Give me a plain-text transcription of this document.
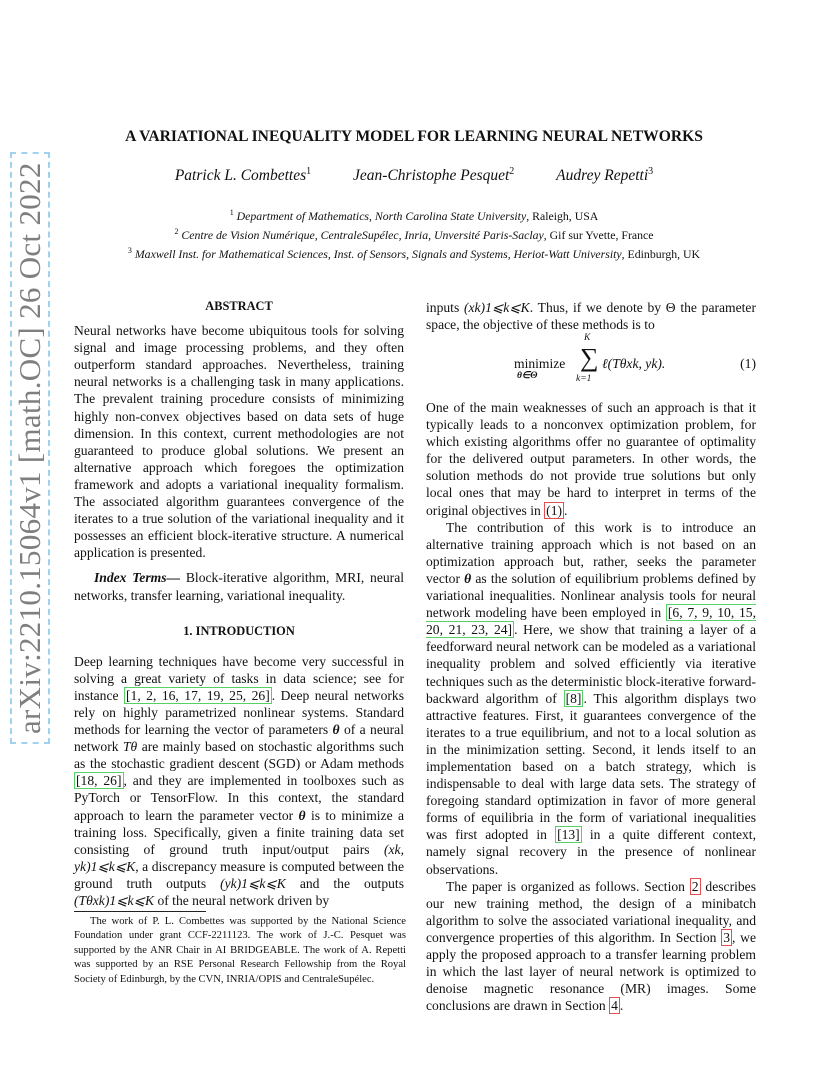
arXiv:2210.15064v1 [math.OC] 26 Oct 2022
A VARIATIONAL INEQUALITY MODEL FOR LEARNING NEURAL NETWORKS
Patrick L. Combettes$^1$	Jean-Christophe Pesquet$^2$	Audrey Repetti$^3$
$^1$ Department of Mathematics, North Carolina State University, Raleigh, USA
$^2$ Centre de Vision Numérique, CentraleSupélec, Inria, Unversité Paris-Saclay, Gif sur Yvette, France
$^3$ Maxwell Inst. for Mathematical Sciences, Inst. of Sensors, Signals and Systems, Heriot-Watt University, Edinburgh, UK
ABSTRACT

Neural networks have become ubiquitous tools for solving signal and image processing problems, and they often outperform standard approaches. Nevertheless, training neural networks is a challenging task in many applications. The prevalent training procedure consists of minimizing highly non-convex objectives based on data sets of huge dimension. In this context, current methodologies are not guaranteed to produce global solutions. We present an alternative approach which foregoes the optimization framework and adopts a variational inequality formalism. The associated algorithm guarantees convergence of the iterates to a true solution of the variational inequality and it possesses an efficient block-iterative structure. A numerical application is presented.

Index Terms— Block-iterative algorithm, MRI, neural networks, transfer learning, variational inequality.

1. INTRODUCTION

Deep learning techniques have become very successful in solving a great variety of tasks in data science; see for instance [1, 2, 16, 17, 19, 25, 26] . Deep neural networks rely on highly parametrized nonlinear systems. Standard methods for learning the vector of parameters θ of a neural network Tθ are mainly based on stochastic algorithms such as the stochastic gradient descent (SGD) or Adam methods [18, 26] , and they are implemented in toolboxes such as PyTorch or TensorFlow. In this context, the standard approach to learn the parameter vector θ is to minimize a training loss. Specifically, given a finite training data set consisting of ground truth input/output pairs (xk, yk)1⩽k⩽K, a discrepancy measure is computed between the ground truth outputs (yk)1⩽k⩽K and the outputs (Tθxk)1⩽k⩽K of the neural network driven by

The work of P. L. Combettes was supported by the National Science Foundation under grant CCF-2211123. The work of J.-C. Pesquet was supported by the ANR Chair in AI BRIDGEABLE. The work of A. Repetti was supported by an RSE Personal Research Fellowship from the Royal Society of Edinburgh, by the CVN, INRIA/OPIS and CentraleSupélec.

inputs (xk)1⩽k⩽K. Thus, if we denote by Θ the parameter space, the objective of these methods is to

minimize
θ∈Θ
K
∑
k=1
ℓ(Tθxk, yk).	(1)

One of the main weaknesses of such an approach is that it typically leads to a nonconvex optimization problem, for which existing algorithms offer no guarantee of optimality for the delivered output parameters. In other words, the solution methods do not provide true solutions but only local ones that may be hard to interpret in terms of the original objectives in (1) .

The contribution of this work is to introduce an alternative training approach which is not based on an optimization approach but, rather, seeks the parameter vector θ as the solution of equilibrium problems defined by variational inequalities. Nonlinear analysis tools for neural network modeling have been employed in [6, 7, 9, 10, 15, 20, 21, 23, 24] . Here, we show that training a layer of a feedforward neural network can be modeled as a variational inequality problem and solved efficiently via iterative techniques such as the deterministic block-iterative forward-backward algorithm of [8] . This algorithm displays two attractive features. First, it guarantees convergence of the iterates to a true equilibrium, and not to a local solution as in the minimization setting. Second, it lends itself to an implementation based on a batch strategy, which is indispensable to deal with large data sets. The strategy of foregoing standard optimization in favor of more general forms of equilibria in the form of variational inequalities was first adopted in [13] in a quite different context, namely signal recovery in the presence of nonlinear observations.

The paper is organized as follows. Section 2 describes our new training method, the design of a minibatch algorithm to solve the associated variational inequality, and convergence properties of this algorithm. In Section 3 , we apply the proposed approach to a transfer learning problem in which the last layer of neural network is optimized to denoise magnetic resonance (MR) images. Some conclusions are drawn in Section 4 .
